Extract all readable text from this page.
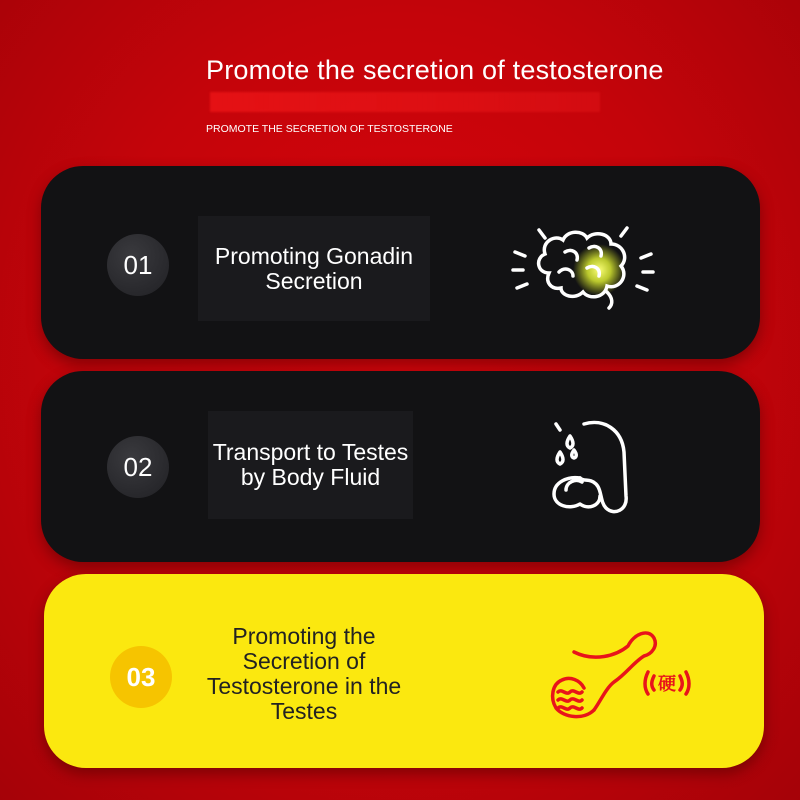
Promote the secretion of testosterone
PROMOTE THE SECRETION OF TESTOSTERONE
01	Promoting Gonadin Secretion
02	Transport to Testes by Body Fluid
03
Promoting the Secretion of Testosterone in the Testes
硬
